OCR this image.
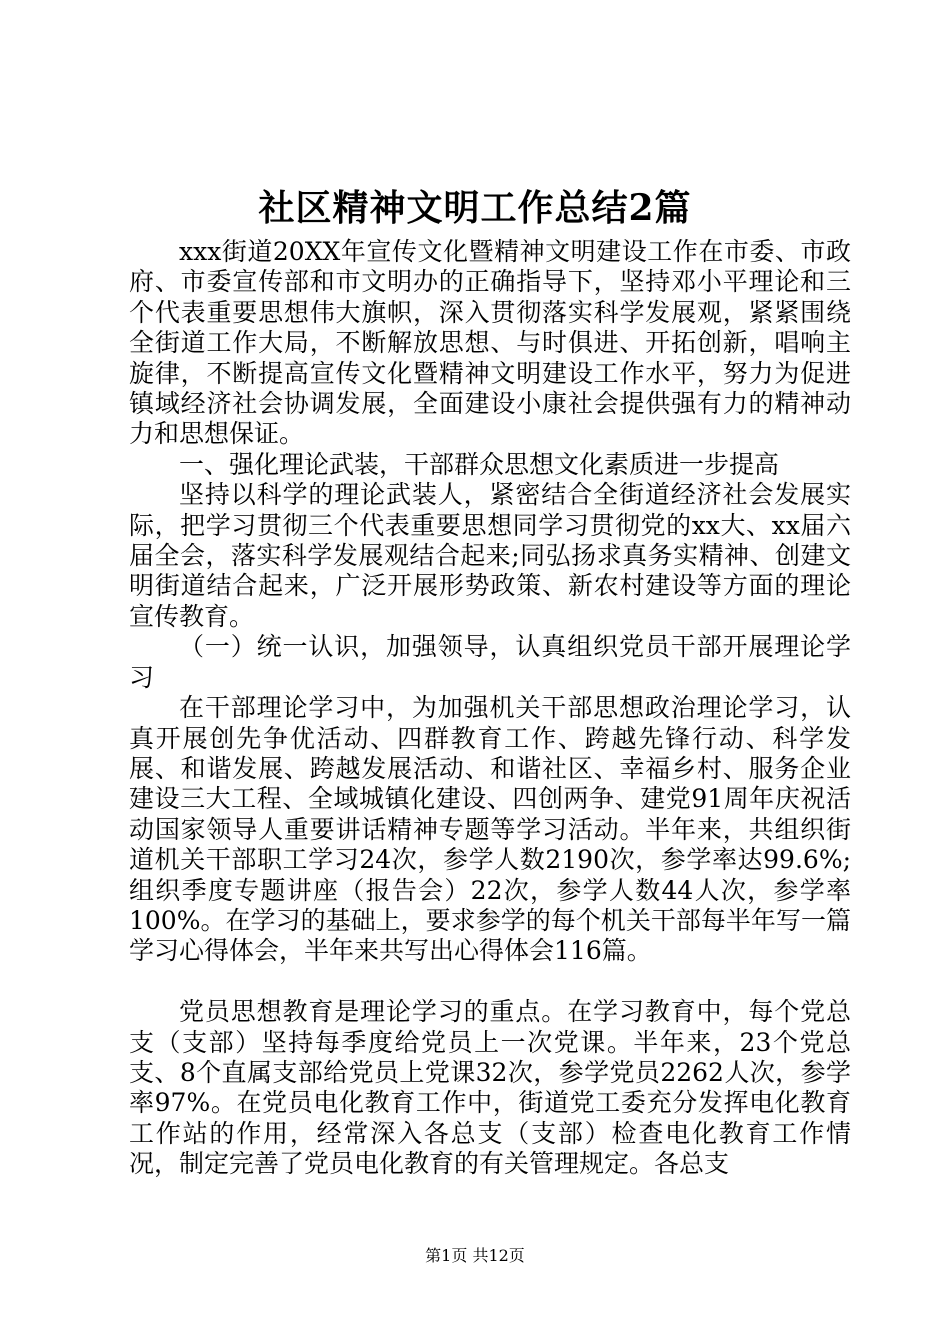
社区精神文明工作总结2篇

xxx街道20XX年宣传文化暨精神文明建设工作在市委、市政府、市委宣传部和市文明办的正确指导下，坚持邓小平理论和三个代表重要思想伟大旗帜，深入贯彻落实科学发展观，紧紧围绕全街道工作大局，不断解放思想、与时俱进、开拓创新，唱响主旋律，不断提高宣传文化暨精神文明建设工作水平，努力为促进镇域经济社会协调发展，全面建设小康社会提供强有力的精神动力和思想保证。

一、强化理论武装，干部群众思想文化素质进一步提高

坚持以科学的理论武装人，紧密结合全街道经济社会发展实际，把学习贯彻三个代表重要思想同学习贯彻党的xx大、xx届六届全会，落实科学发展观结合起来;同弘扬求真务实精神、创建文明街道结合起来，广泛开展形势政策、新农村建设等方面的理论宣传教育。

（一）统一认识，加强领导，认真组织党员干部开展理论学习

在干部理论学习中，为加强机关干部思想政治理论学习，认真开展创先争优活动、四群教育工作、跨越先锋行动、科学发展、和谐发展、跨越发展活动、和谐社区、幸福乡村、服务企业建设三大工程、全域城镇化建设、四创两争、建党91周年庆祝活动国家领导人重要讲话精神专题等学习活动。半年来，共组织街道机关干部职工学习24次，参学人数2190次，参学率达99.6%;组织季度专题讲座（报告会）22次，参学人数44人次，参学率100%。在学习的基础上，要求参学的每个机关干部每半年写一篇学习心得体会，半年来共写出心得体会116篇。

党员思想教育是理论学习的重点。在学习教育中，每个党总支（支部）坚持每季度给党员上一次党课。半年来，23个党总支、8个直属支部给党员上党课32次，参学党员2262人次，参学率97%。在党员电化教育工作中，街道党工委充分发挥电化教育工作站的作用，经常深入各总支（支部）检查电化教育工作情况，制定完善了党员电化教育的有关管理规定。各总支

第1页 共12页
